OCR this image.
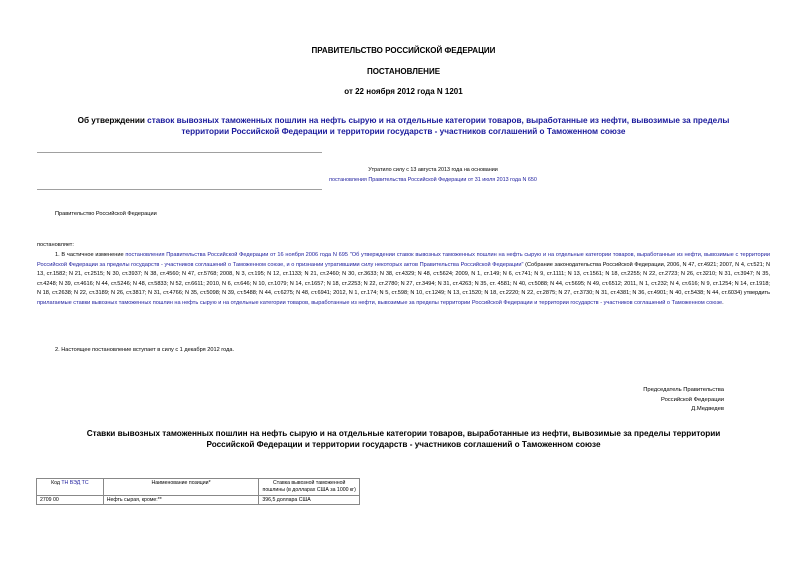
ПРАВИТЕЛЬСТВО РОССИЙСКОЙ ФЕДЕРАЦИИ
ПОСТАНОВЛЕНИЕ
от 22 ноября 2012 года N 1201
Об утверждении ставок вывозных таможенных пошлин на нефть сырую и на отдельные категории товаров, выработанные из нефти, вывозимые за пределы
территории Российской Федерации и территории государств - участников соглашений о Таможенном союзе
Утратило силу с 13 августа 2013 года на основании
постановления Правительства Российской Федерации от 31 июля 2013 года N 650
Правительство Российской Федерации
постановляет:
1. В частичное изменение постановления Правительства Российской Федерации от 16 ноября 2006 года N 695 "Об утверждении ставок вывозных таможенных пошлин на нефть сырую и на отдельные категории товаров, выработанные из нефти, вывозимые с территории Российской Федерации за пределы государств - участников соглашений о Таможенном союзе, и о признании утратившими силу некоторых актов Правительства Российской Федерации" (Собрание законодательства Российской Федерации, 2006, N 47, ст.4921; 2007, N 4, ст.521; N 13, ст.1582; N 21, ст.2515; N 30, ст.3937; N 38, ст.4560; N 47, ст.5768; 2008, N 3, ст.195; N 12, ст.1133; N 21, ст.2460; N 30, ст.3633; N 38, ст.4329; N 48, ст.5624; 2009, N 1, ст.149; N 6, ст.741; N 9, ст.1111; N 13, ст.1561; N 18, ст.2255; N 22, ст.2723; N 26, ст.3210; N 31, ст.3947; N 35, ст.4248; N 39, ст.4616; N 44, ст.5246; N 48, ст.5833; N 52, ст.6611; 2010, N 6, ст.646; N 10, ст.1079; N 14, ст.1657; N 18, ст.2253; N 22, ст.2780; N 27, ст.3494; N 31, ст.4263; N 35, ст. 4581; N 40, ст.5088; N 44, ст.5695; N 49, ст.6512; 2011, N 1, ст.232; N 4, ст.616; N 9, ст.1254; N 14, ст.1918; N 18, ст.2638; N 22, ст.3189; N 26, ст.3817; N 31, ст.4766; N 35, ст.5098; N 39, ст.5488; N 44, ст.6275; N 48, ст.6941; 2012, N 1, ст.174; N 5, ст.598; N 10, ст.1249; N 13, ст.1520; N 18, ст.2220; N 22, ст.2875; N 27, ст.3730; N 31, ст.4381; N 36, ст.4901; N 40, ст.5438; N 44, ст.6034) утвердить прилагаемые ставки вывозных таможенных пошлин на нефть сырую и на отдельные категории товаров, выработанные из нефти, вывозимые за пределы территории Российской Федерации и территории государств - участников соглашений о Таможенном союзе.
2. Настоящее постановление вступает в силу с 1 декабря 2012 года.
Председатель Правительства
Российской Федерации
Д.Медведев
Ставки вывозных таможенных пошлин на нефть сырую и на отдельные категории товаров, выработанные из нефти, вывозимые за пределы территории
Российской Федерации и территории государств - участников соглашений о Таможенном союзе
Код ТН ВЭД ТС	Наименование позиции*	Ставка вывозной таможенной пошлины (в долларах США за 1000 кг)
2709 00	Нефть сырая, кроме:**	396,5 доллара США
